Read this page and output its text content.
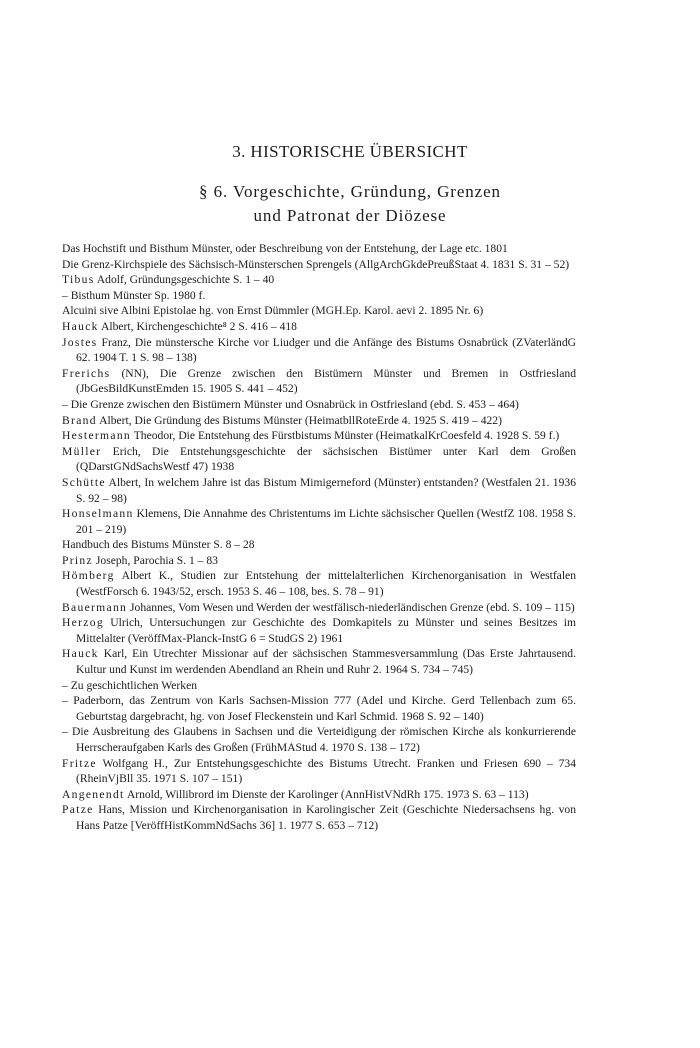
3. HISTORISCHE ÜBERSICHT
§ 6. Vorgeschichte, Gründung, Grenzen
und Patronat der Diözese
Das Hochstift und Bisthum Münster, oder Beschreibung von der Entstehung, der Lage etc. 1801
Die Grenz-Kirchspiele des Sächsisch-Münsterschen Sprengels (AllgArchGkdePreußStaat 4. 1831 S. 31 – 52)
Tibus Adolf, Gründungsgeschichte S. 1 – 40
– Bisthum Münster Sp. 1980 f.
Alcuini sive Albini Epistolae hg. von Ernst Dümmler (MGH.Ep. Karol. aevi 2. 1895 Nr. 6)
Hauck Albert, Kirchengeschichte⁸ 2 S. 416 – 418
Jostes Franz, Die münstersche Kirche vor Liudger und die Anfänge des Bistums Osnabrück (ZVaterländG 62. 1904 T. 1 S. 98 – 138)
Frerichs (NN), Die Grenze zwischen den Bistümern Münster und Bremen in Ostfriesland (JbGesBildKunstEmden 15. 1905 S. 441 – 452)
– Die Grenze zwischen den Bistümern Münster und Osnabrück in Ostfriesland (ebd. S. 453 – 464)
Brand Albert, Die Gründung des Bistums Münster (HeimatbllRoteErde 4. 1925 S. 419 – 422)
Hestermann Theodor, Die Entstehung des Fürstbistums Münster (HeimatkalKrCoesfeld 4. 1928 S. 59 f.)
Müller Erich, Die Entstehungsgeschichte der sächsischen Bistümer unter Karl dem Großen (QDarstGNdSachsWestf 47) 1938
Schütte Albert, In welchem Jahre ist das Bistum Mimigerneford (Münster) entstanden? (Westfalen 21. 1936 S. 92 – 98)
Honselmann Klemens, Die Annahme des Christentums im Lichte sächsischer Quellen (WestfZ 108. 1958 S. 201 – 219)
Handbuch des Bistums Münster S. 8 – 28
Prinz Joseph, Parochia S. 1 – 83
Hömberg Albert K., Studien zur Entstehung der mittelalterlichen Kirchenorganisation in Westfalen (WestfForsch 6. 1943/52, ersch. 1953 S. 46 – 108, bes. S. 78 – 91)
Bauermann Johannes, Vom Wesen und Werden der westfälisch-niederländischen Grenze (ebd. S. 109 – 115)
Herzog Ulrich, Untersuchungen zur Geschichte des Domkapitels zu Münster und seines Besitzes im Mittelalter (VeröffMax-Planck-InstG 6 = StudGS 2) 1961
Hauck Karl, Ein Utrechter Missionar auf der sächsischen Stammesversammlung (Das Erste Jahrtausend. Kultur und Kunst im werdenden Abendland an Rhein und Ruhr 2. 1964 S. 734 – 745)
– Zu geschichtlichen Werken
– Paderborn, das Zentrum von Karls Sachsen-Mission 777 (Adel und Kirche. Gerd Tellenbach zum 65. Geburtstag dargebracht, hg. von Josef Fleckenstein und Karl Schmid. 1968 S. 92 – 140)
– Die Ausbreitung des Glaubens in Sachsen und die Verteidigung der römischen Kirche als konkurrierende Herrscheraufgaben Karls des Großen (FrühMAStud 4. 1970 S. 138 – 172)
Fritze Wolfgang H., Zur Entstehungsgeschichte des Bistums Utrecht. Franken und Friesen 690 – 734 (RheinVjBll 35. 1971 S. 107 – 151)
Angenendt Arnold, Willibrord im Dienste der Karolinger (AnnHistVNdRh 175. 1973 S. 63 – 113)
Patze Hans, Mission und Kirchenorganisation in Karolingischer Zeit (Geschichte Niedersachsens hg. von Hans Patze [VeröffHistKommNdSachs 36] 1. 1977 S. 653 – 712)
